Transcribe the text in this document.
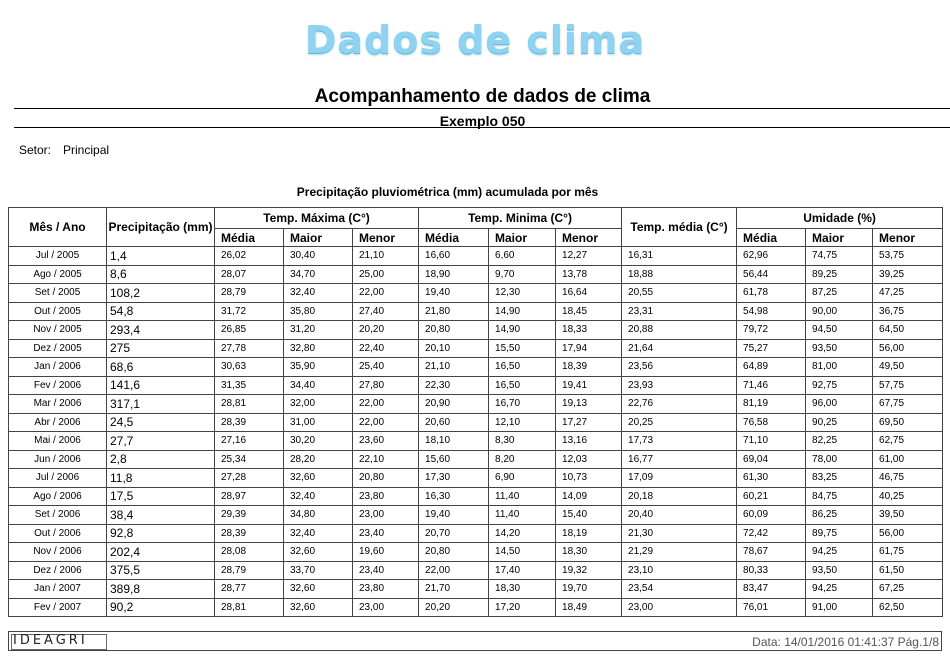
Dados de clima
Acompanhamento de dados de clima
Exemplo 050
Setor: Principal
Precipitação pluviométrica (mm) acumulada por mês
Mês / Ano	Precipitação (mm)	Temp. Máxima (C°)			Temp. Minima (C°)			Temp. média (C°)	Umidade (%)		
		Média	Maior	Menor	Média	Maior	Menor		Média	Maior	Menor
Jul / 2005	1,4	26,02	30,40	21,10	16,60	6,60	12,27	16,31	62,96	74,75	53,75
Ago / 2005	8,6	28,07	34,70	25,00	18,90	9,70	13,78	18,88	56,44	89,25	39,25
Set / 2005	108,2	28,79	32,40	22,00	19,40	12,30	16,64	20,55	61,78	87,25	47,25
Out / 2005	54,8	31,72	35,80	27,40	21,80	14,90	18,45	23,31	54,98	90,00	36,75
Nov / 2005	293,4	26,85	31,20	20,20	20,80	14,90	18,33	20,88	79,72	94,50	64,50
Dez / 2005	275	27,78	32,80	22,40	20,10	15,50	17,94	21,64	75,27	93,50	56,00
Jan / 2006	68,6	30,63	35,90	25,40	21,10	16,50	18,39	23,56	64,89	81,00	49,50
Fev / 2006	141,6	31,35	34,40	27,80	22,30	16,50	19,41	23,93	71,46	92,75	57,75
Mar / 2006	317,1	28,81	32,00	22,00	20,90	16,70	19,13	22,76	81,19	96,00	67,75
Abr / 2006	24,5	28,39	31,00	22,00	20,60	12,10	17,27	20,25	76,58	90,25	69,50
Mai / 2006	27,7	27,16	30,20	23,60	18,10	8,30	13,16	17,73	71,10	82,25	62,75
Jun / 2006	2,8	25,34	28,20	22,10	15,60	8,20	12,03	16,77	69,04	78,00	61,00
Jul / 2006	11,8	27,28	32,60	20,80	17,30	6,90	10,73	17,09	61,30	83,25	46,75
Ago / 2006	17,5	28,97	32,40	23,80	16,30	11,40	14,09	20,18	60,21	84,75	40,25
Set / 2006	38,4	29,39	34,80	23,00	19,40	11,40	15,40	20,40	60,09	86,25	39,50
Out / 2006	92,8	28,39	32,40	23,40	20,70	14,20	18,19	21,30	72,42	89,75	56,00
Nov / 2006	202,4	28,08	32,60	19,60	20,80	14,50	18,30	21,29	78,67	94,25	61,75
Dez / 2006	375,5	28,79	33,70	23,40	22,00	17,40	19,32	23,10	80,33	93,50	61,50
Jan / 2007	389,8	28,77	32,60	23,80	21,70	18,30	19,70	23,54	83,47	94,25	67,25
Fev / 2007	90,2	28,81	32,60	23,00	20,20	17,20	18,49	23,00	76,01	91,00	62,50
IDEAGRI	Data: 14/01/2016 01:41:37 Pág.1/8
